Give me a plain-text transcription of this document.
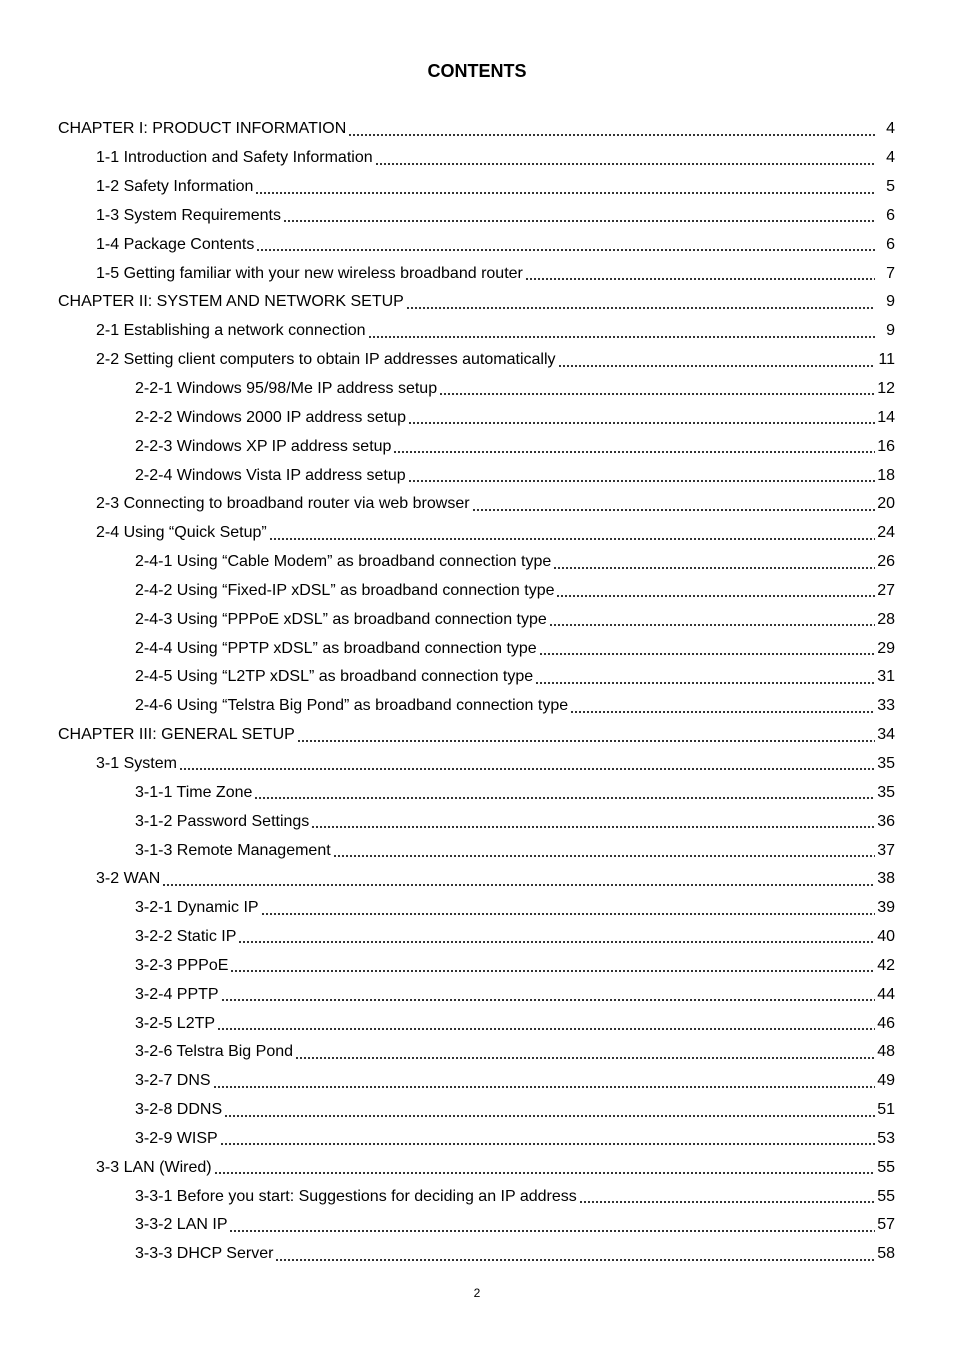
CONTENTS
CHAPTER I: PRODUCT INFORMATION	4
1-1 Introduction and Safety Information	4
1-2 Safety Information	5
1-3 System Requirements	6
1-4 Package Contents	6
1-5 Getting familiar with your new wireless broadband router	7
CHAPTER II: SYSTEM AND NETWORK SETUP	9
2-1 Establishing a network connection	9
2-2 Setting client computers to obtain IP addresses automatically	11
2-2-1 Windows 95/98/Me IP address setup	12
2-2-2 Windows 2000 IP address setup	14
2-2-3 Windows XP IP address setup	16
2-2-4 Windows Vista IP address setup	18
2-3 Connecting to broadband router via web browser	20
2-4 Using “Quick Setup”	24
2-4-1 Using “Cable Modem” as broadband connection type	26
2-4-2 Using “Fixed-IP xDSL” as broadband connection type	27
2-4-3 Using “PPPoE xDSL” as broadband connection type	28
2-4-4 Using “PPTP xDSL” as broadband connection type	29
2-4-5 Using “L2TP xDSL” as broadband connection type	31
2-4-6 Using “Telstra Big Pond” as broadband connection type	33
CHAPTER III: GENERAL SETUP	34
3-1 System	35
3-1-1 Time Zone	35
3-1-2 Password Settings	36
3-1-3 Remote Management	37
3-2 WAN	38
3-2-1 Dynamic IP	39
3-2-2 Static IP	40
3-2-3 PPPoE	42
3-2-4 PPTP	44
3-2-5 L2TP	46
3-2-6 Telstra Big Pond	48
3-2-7 DNS	49
3-2-8 DDNS	51
3-2-9 WISP	53
3-3 LAN (Wired)	55
3-3-1 Before you start: Suggestions for deciding an IP address	55
3-3-2 LAN IP	57
3-3-3 DHCP Server	58
2
